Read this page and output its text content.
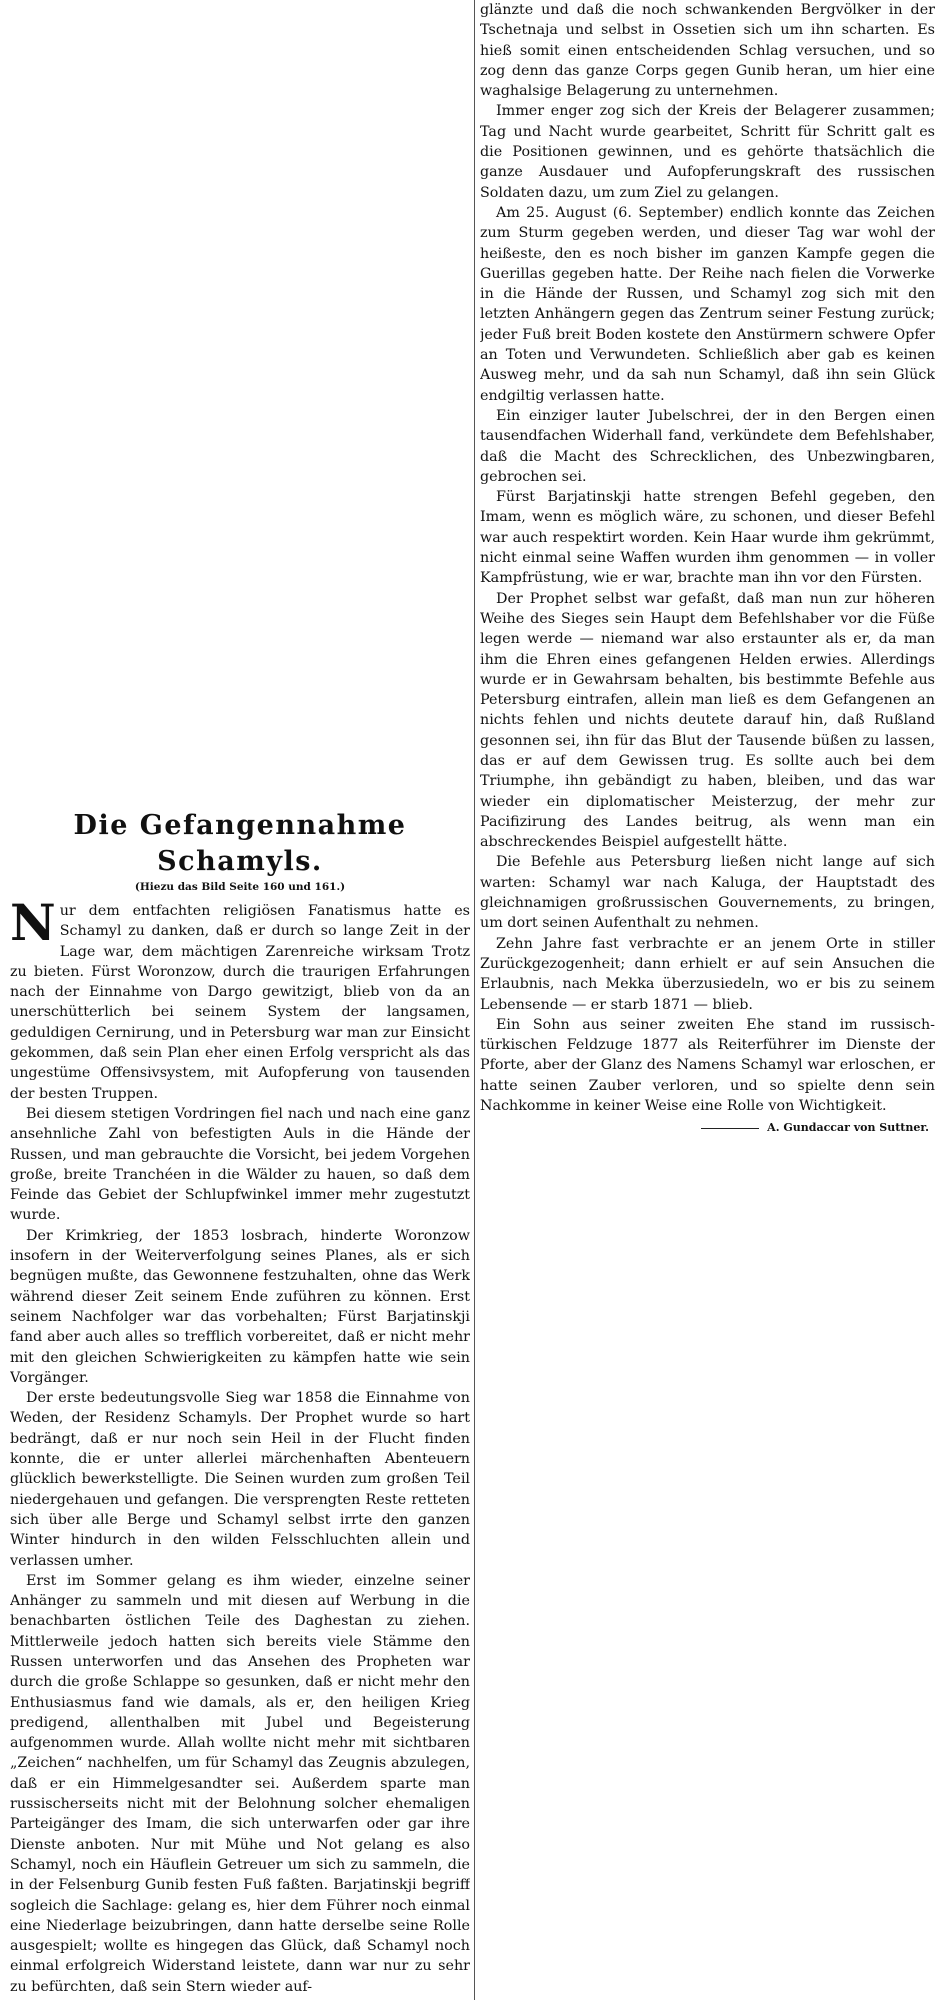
Die Gefangennahme Schamyls.
(Hiezu das Bild Seite 160 und 161.)

Nur dem entfachten religiösen Fanatismus hatte es Schamyl zu danken, daß er durch so lange Zeit in der Lage war, dem mächtigen Zarenreiche wirksam Trotz zu bieten. Fürst Woronzow, durch die traurigen Erfahrungen nach der Einnahme von Dargo gewitzigt, blieb von da an unerschütterlich bei seinem System der langsamen, geduldigen Cernirung, und in Petersburg war man zur Einsicht gekommen, daß sein Plan eher einen Erfolg verspricht als das ungestüme Offensivsystem, mit Aufopferung von tausenden der besten Truppen.

Bei diesem stetigen Vordringen fiel nach und nach eine ganz ansehnliche Zahl von befestigten Auls in die Hände der Russen, und man gebrauchte die Vorsicht, bei jedem Vorgehen große, breite Tranchéen in die Wälder zu hauen, so daß dem Feinde das Gebiet der Schlupfwinkel immer mehr zugestutzt wurde.

Der Krimkrieg, der 1853 losbrach, hinderte Woronzow insofern in der Weiterverfolgung seines Planes, als er sich begnügen mußte, das Gewonnene festzuhalten, ohne das Werk während dieser Zeit seinem Ende zuführen zu können. Erst seinem Nachfolger war das vorbehalten; Fürst Barjatinskji fand aber auch alles so trefflich vorbereitet, daß er nicht mehr mit den gleichen Schwierigkeiten zu kämpfen hatte wie sein Vorgänger.

Der erste bedeutungsvolle Sieg war 1858 die Einnahme von Weden, der Residenz Schamyls. Der Prophet wurde so hart bedrängt, daß er nur noch sein Heil in der Flucht finden konnte, die er unter allerlei märchenhaften Abenteuern glücklich bewerkstelligte. Die Seinen wurden zum großen Teil niedergehauen und gefangen. Die versprengten Reste retteten sich über alle Berge und Schamyl selbst irrte den ganzen Winter hindurch in den wilden Felsschluchten allein und verlassen umher.

Erst im Sommer gelang es ihm wieder, einzelne seiner Anhänger zu sammeln und mit diesen auf Werbung in die benachbarten östlichen Teile des Daghestan zu ziehen. Mittlerweile jedoch hatten sich bereits viele Stämme den Russen unterworfen und das Ansehen des Propheten war durch die große Schlappe so gesunken, daß er nicht mehr den Enthusiasmus fand wie damals, als er, den heiligen Krieg predigend, allenthalben mit Jubel und Begeisterung aufgenommen wurde. Allah wollte nicht mehr mit sichtbaren „Zeichen“ nachhelfen, um für Schamyl das Zeugnis abzulegen, daß er ein Himmelgesandter sei. Außerdem sparte man russischerseits nicht mit der Belohnung solcher ehemaligen Parteigänger des Imam, die sich unterwarfen oder gar ihre Dienste anboten. Nur mit Mühe und Not gelang es also Schamyl, noch ein Häuflein Getreuer um sich zu sammeln, die in der Felsenburg Gunib festen Fuß faßten. Barjatinskji begriff sogleich die Sachlage: gelang es, hier dem Führer noch einmal eine Niederlage beizubringen, dann hatte derselbe seine Rolle ausgespielt; wollte es hingegen das Glück, daß Schamyl noch einmal erfolgreich Widerstand leistete, dann war nur zu sehr zu befürchten, daß sein Stern wieder auf-

glänzte und daß die noch schwankenden Bergvölker in der Tschetnaja und selbst in Ossetien sich um ihn scharten. Es hieß somit einen entscheidenden Schlag versuchen, und so zog denn das ganze Corps gegen Gunib heran, um hier eine waghalsige Belagerung zu unternehmen.

Immer enger zog sich der Kreis der Belagerer zusammen; Tag und Nacht wurde gearbeitet, Schritt für Schritt galt es die Positionen gewinnen, und es gehörte thatsächlich die ganze Ausdauer und Aufopferungskraft des russischen Soldaten dazu, um zum Ziel zu gelangen.

Am 25. August (6. September) endlich konnte das Zeichen zum Sturm gegeben werden, und dieser Tag war wohl der heißeste, den es noch bisher im ganzen Kampfe gegen die Guerillas gegeben hatte. Der Reihe nach fielen die Vorwerke in die Hände der Russen, und Schamyl zog sich mit den letzten Anhängern gegen das Zentrum seiner Festung zurück; jeder Fuß breit Boden kostete den Anstürmern schwere Opfer an Toten und Verwundeten. Schließlich aber gab es keinen Ausweg mehr, und da sah nun Schamyl, daß ihn sein Glück endgiltig verlassen hatte.

Ein einziger lauter Jubelschrei, der in den Bergen einen tausendfachen Widerhall fand, verkündete dem Befehlshaber, daß die Macht des Schrecklichen, des Unbezwingbaren, gebrochen sei.

Fürst Barjatinskji hatte strengen Befehl gegeben, den Imam, wenn es möglich wäre, zu schonen, und dieser Befehl war auch respektirt worden. Kein Haar wurde ihm gekrümmt, nicht einmal seine Waffen wurden ihm genommen — in voller Kampfrüstung, wie er war, brachte man ihn vor den Fürsten.

Der Prophet selbst war gefaßt, daß man nun zur höheren Weihe des Sieges sein Haupt dem Befehlshaber vor die Füße legen werde — niemand war also erstaunter als er, da man ihm die Ehren eines gefangenen Helden erwies. Allerdings wurde er in Gewahrsam behalten, bis bestimmte Befehle aus Petersburg eintrafen, allein man ließ es dem Gefangenen an nichts fehlen und nichts deutete darauf hin, daß Rußland gesonnen sei, ihn für das Blut der Tausende büßen zu lassen, das er auf dem Gewissen trug. Es sollte auch bei dem Triumphe, ihn gebändigt zu haben, bleiben, und das war wieder ein diplomatischer Meisterzug, der mehr zur Pacifizirung des Landes beitrug, als wenn man ein abschreckendes Beispiel aufgestellt hätte.

Die Befehle aus Petersburg ließen nicht lange auf sich warten: Schamyl war nach Kaluga, der Hauptstadt des gleichnamigen großrussischen Gouvernements, zu bringen, um dort seinen Aufenthalt zu nehmen.

Zehn Jahre fast verbrachte er an jenem Orte in stiller Zurückgezogenheit; dann erhielt er auf sein Ansuchen die Erlaubnis, nach Mekka überzusiedeln, wo er bis zu seinem Lebensende — er starb 1871 — blieb.

Ein Sohn aus seiner zweiten Ehe stand im russisch-türkischen Feldzuge 1877 als Reiterführer im Dienste der Pforte, aber der Glanz des Namens Schamyl war erloschen, er hatte seinen Zauber verloren, und so spielte denn sein Nachkomme in keiner Weise eine Rolle von Wichtigkeit.

A. Gundaccar von Suttner.
